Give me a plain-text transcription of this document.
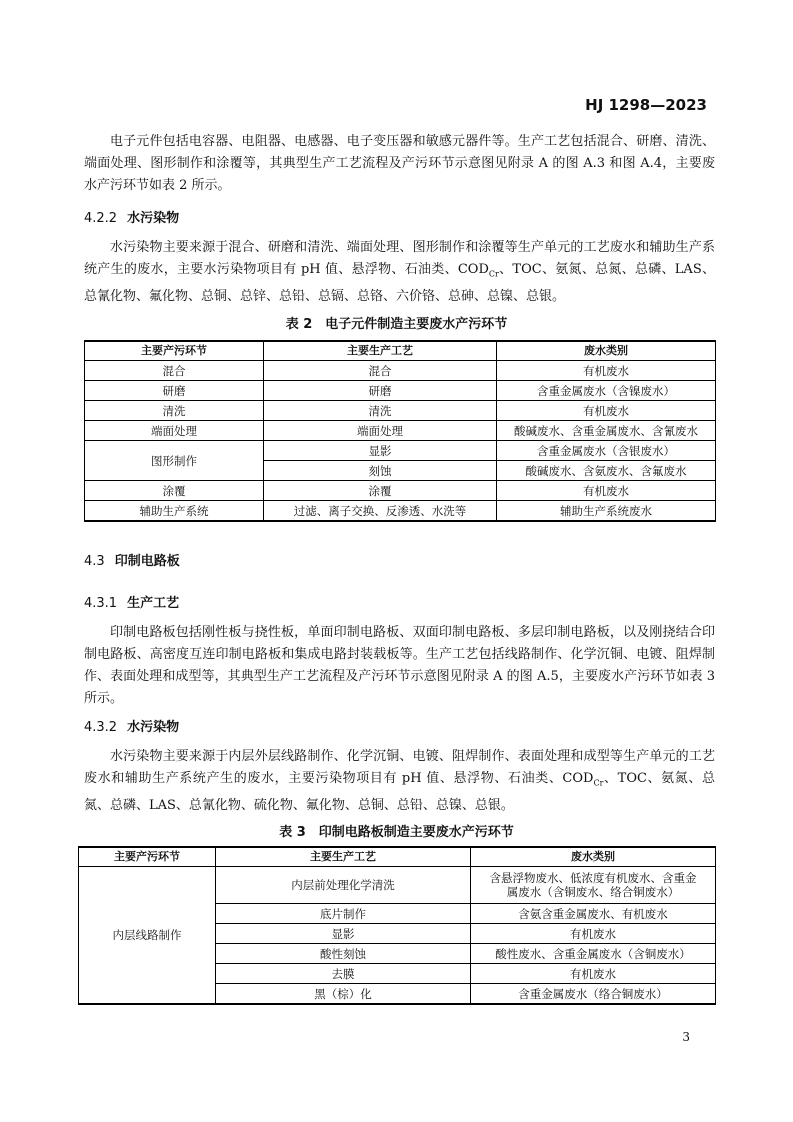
HJ 1298—2023
电子元件包括电容器、电阻器、电感器、电子变压器和敏感元器件等。生产工艺包括混合、研磨、清洗、端面处理、图形制作和涂覆等，其典型生产工艺流程及产污环节示意图见附录 A 的图 A.3 和图 A.4，主要废水产污环节如表 2 所示。
4.2.2 水污染物
水污染物主要来源于混合、研磨和清洗、端面处理、图形制作和涂覆等生产单元的工艺废水和辅助生产系统产生的废水，主要水污染物项目有 pH 值、悬浮物、石油类、$COD_{Cr}$、TOC、氨氮、总氮、总磷、LAS、总氰化物、氟化物、总铜、总锌、总铅、总镉、总铬、六价铬、总砷、总镍、总银。
表 2　电子元件制造主要废水产污环节
主要产污环节	主要生产工艺	废水类别
混合	混合	有机废水
研磨	研磨	含重金属废水（含镍废水）
清洗	清洗	有机废水
端面处理	端面处理	酸碱废水、含重金属废水、含氰废水
图形制作	显影	含重金属废水（含银废水）
	刻蚀	酸碱废水、含氨废水、含氟废水
涂覆	涂覆	有机废水
辅助生产系统	过滤、离子交换、反渗透、水洗等	辅助生产系统废水
4.3 印制电路板
4.3.1 生产工艺
印制电路板包括刚性板与挠性板，单面印制电路板、双面印制电路板、多层印制电路板，以及刚挠结合印制电路板、高密度互连印制电路板和集成电路封装载板等。生产工艺包括线路制作、化学沉铜、电镀、阻焊制作、表面处理和成型等，其典型生产工艺流程及产污环节示意图见附录 A 的图 A.5，主要废水产污环节如表 3 所示。
4.3.2 水污染物
水污染物主要来源于内层外层线路制作、化学沉铜、电镀、阻焊制作、表面处理和成型等生产单元的工艺废水和辅助生产系统产生的废水，主要污染物项目有 pH 值、悬浮物、石油类、$COD_{Cr}$、TOC、氨氮、总氮、总磷、LAS、总氰化物、硫化物、氟化物、总铜、总铅、总镍、总银。
表 3　印制电路板制造主要废水产污环节
主要产污环节	主要生产工艺	废水类别
内层线路制作	内层前处理化学清洗	含悬浮物废水、低浓度有机废水、含重金属废水（含铜废水、络合铜废水）
	底片制作	含氨含重金属废水、有机废水
	显影	有机废水
	酸性刻蚀	酸性废水、含重金属废水（含铜废水）
	去膜	有机废水
	黑（棕）化	含重金属废水（络合铜废水）
3
